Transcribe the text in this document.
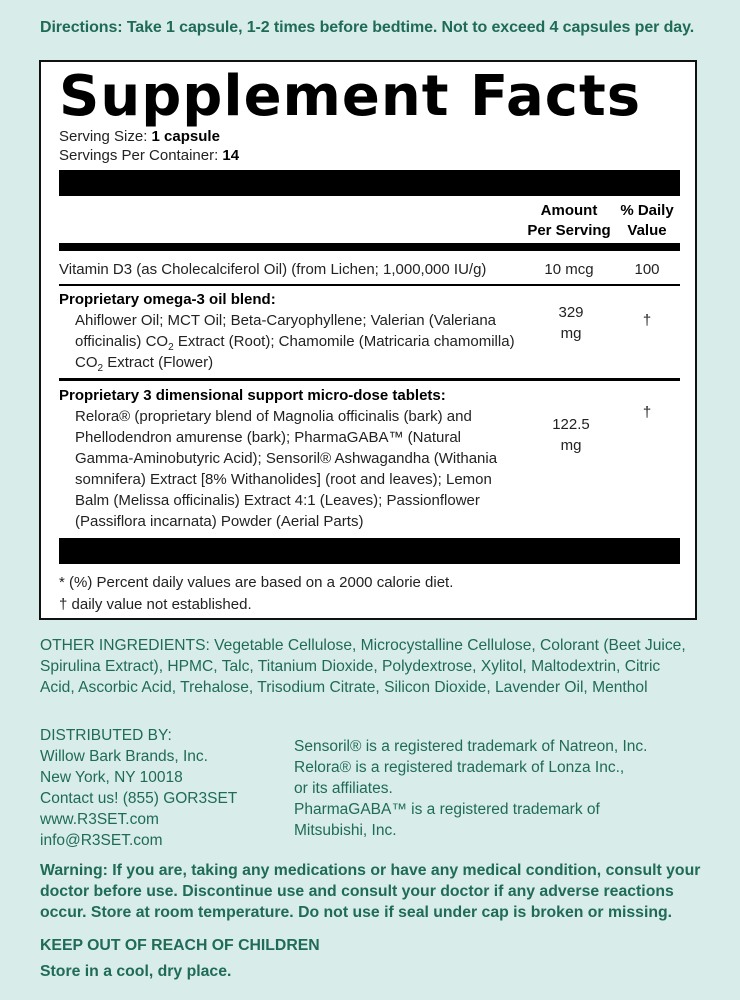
Directions: Take 1 capsule, 1-2 times before bedtime. Not to exceed 4 capsules per day.
Supplement Facts
Serving Size: 1 capsule
Servings Per Container: 14
Amount
Per Serving
% Daily
Value
Vitamin D3 (as Cholecalciferol Oil) (from Lichen; 1,000,000 IU/g)	10 mcg	100
Proprietary omega-3 oil blend:
Ahiflower Oil; MCT Oil; Beta-Caryophyllene; Valerian (Valeriana
officinalis) $CO_2$ Extract (Root); Chamomile (Matricaria chamomilla)
$CO_2$ Extract (Flower)
329
mg
†
Proprietary 3 dimensional support micro-dose tablets:
Relora® (proprietary blend of Magnolia officinalis (bark) and
Phellodendron amurense (bark); PharmaGABA™ (Natural
Gamma-Aminobutyric Acid); Sensoril® Ashwagandha (Withania
somnifera) Extract [8% Withanolides] (root and leaves); Lemon
Balm (Melissa officinalis) Extract 4:1 (Leaves); Passionflower
(Passiflora incarnata) Powder (Aerial Parts)
122.5
mg
†
* (%) Percent daily values are based on a 2000 calorie diet.
† daily value not established.
OTHER INGREDIENTS: Vegetable Cellulose, Microcystalline Cellulose, Colorant (Beet Juice,
Spirulina Extract), HPMC, Talc, Titanium Dioxide, Polydextrose, Xylitol, Maltodextrin, Citric
Acid, Ascorbic Acid, Trehalose, Trisodium Citrate, Silicon Dioxide, Lavender Oil, Menthol
DISTRIBUTED BY:
Willow Bark Brands, Inc.
New York, NY 10018
Contact us! (855) GOR3SET
www.R3SET.com
info@R3SET.com
Sensoril® is a registered trademark of Natreon, Inc.
Relora® is a registered trademark of Lonza Inc.,
or its affiliates.
PharmaGABA™ is a registered trademark of
Mitsubishi, Inc.
Warning: If you are, taking any medications or have any medical condition, consult your
doctor before use. Discontinue use and consult your doctor if any adverse reactions
occur. Store at room temperature. Do not use if seal under cap is broken or missing.
KEEP OUT OF REACH OF CHILDREN
Store in a cool, dry place.
